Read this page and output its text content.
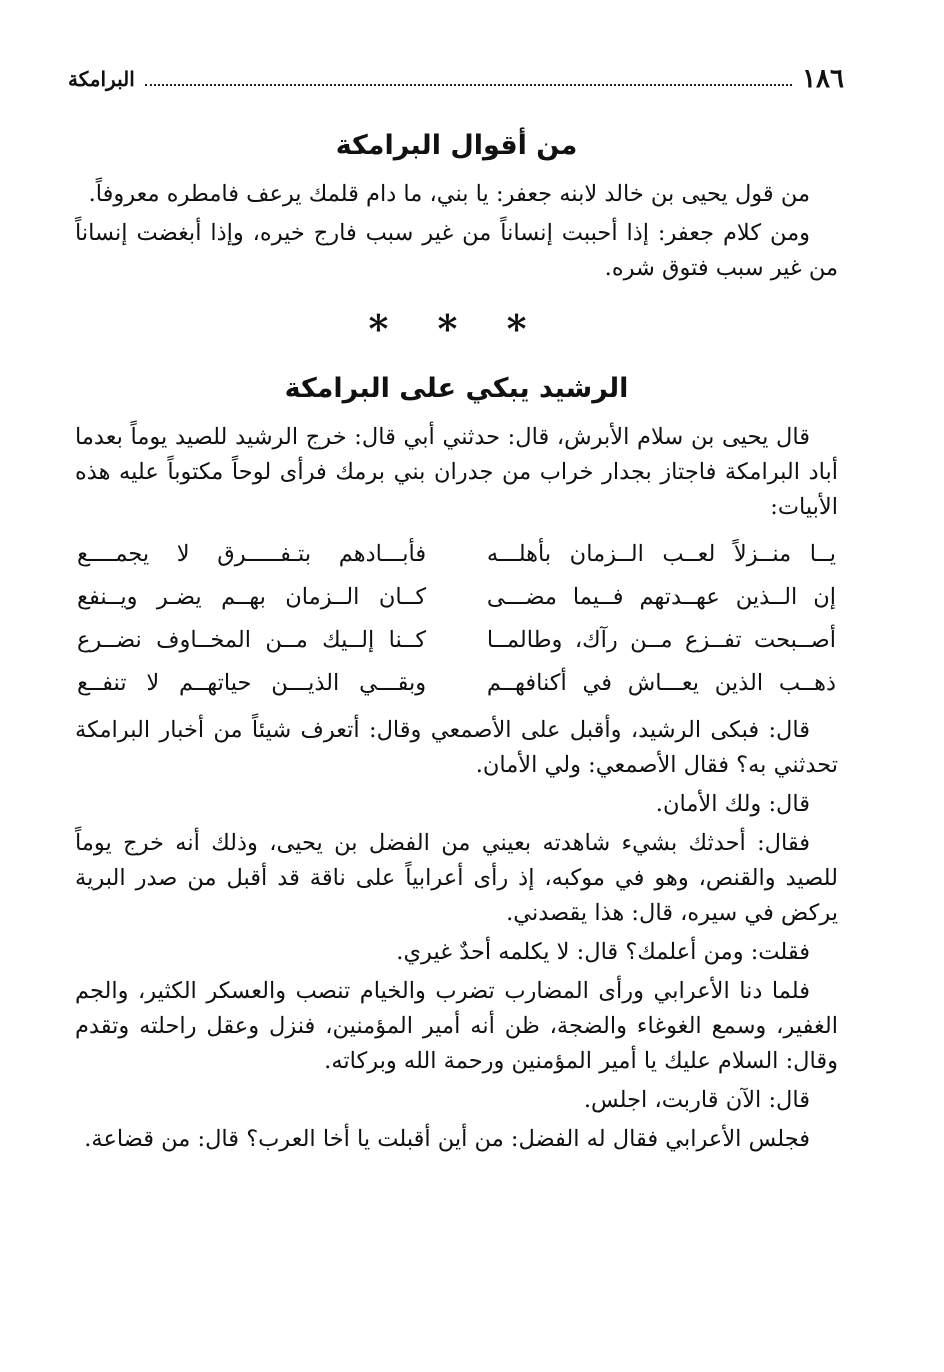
١٨٦
البرامكة
من أقوال البرامكة

من قول يحيى بن خالد لابنه جعفر: يا بني، ما دام قلمك يرعف فامطره معروفاً.

ومن كلام جعفر: إذا أحببت إنساناً من غير سبب فارج خيره، وإذا أبغضت إنساناً من غير سبب فتوق شره.

* * *
الرشيد يبكي على البرامكة

قال يحيى بن سلام الأبرش، قال: حدثني أبي قال: خرج الرشيد للصيد يوماً بعدما أباد البرامكة فاجتاز بجدار خراب من جدران بني برمك فرأى لوحاً مكتوباً عليه هذه الأبيات:

يــا منــزلاً لعــب الــزمان بأهلـــه
فأبـــادهم بتـفـــــرق لا يجمــــع
إن الــذين عهــدتهم فــيما مضـــى
كــان الــزمان بهــم يضـر ويــنفع
أصــبحت تفــزع مــن رآك، وطالمــا
كــنا إلــيك مــن المخــاوف نضــرع
ذهــب الذين يعـــاش في أكنافهــم
وبقـــي الذيـــن حياتهــم لا تنفــع

قال: فبكى الرشيد، وأقبل على الأصمعي وقال: أتعرف شيئاً من أخبار البرامكة تحدثني به؟ فقال الأصمعي: ولي الأمان.

قال: ولك الأمان.

فقال: أحدثك بشيء شاهدته بعيني من الفضل بن يحيى، وذلك أنه خرج يوماً للصيد والقنص، وهو في موكبه، إذ رأى أعرابياً على ناقة قد أقبل من صدر البرية يركض في سيره، قال: هذا يقصدني.

فقلت: ومن أعلمك؟ قال: لا يكلمه أحدٌ غيري.

فلما دنا الأعرابي ورأى المضارب تضرب والخيام تنصب والعسكر الكثير، والجم الغفير، وسمع الغوغاء والضجة، ظن أنه أمير المؤمنين، فنزل وعقل راحلته وتقدم وقال: السلام عليك يا أمير المؤمنين ورحمة الله وبركاته.

قال: الآن قاربت، اجلس.

فجلس الأعرابي فقال له الفضل: من أين أقبلت يا أخا العرب؟ قال: من قضاعة.
